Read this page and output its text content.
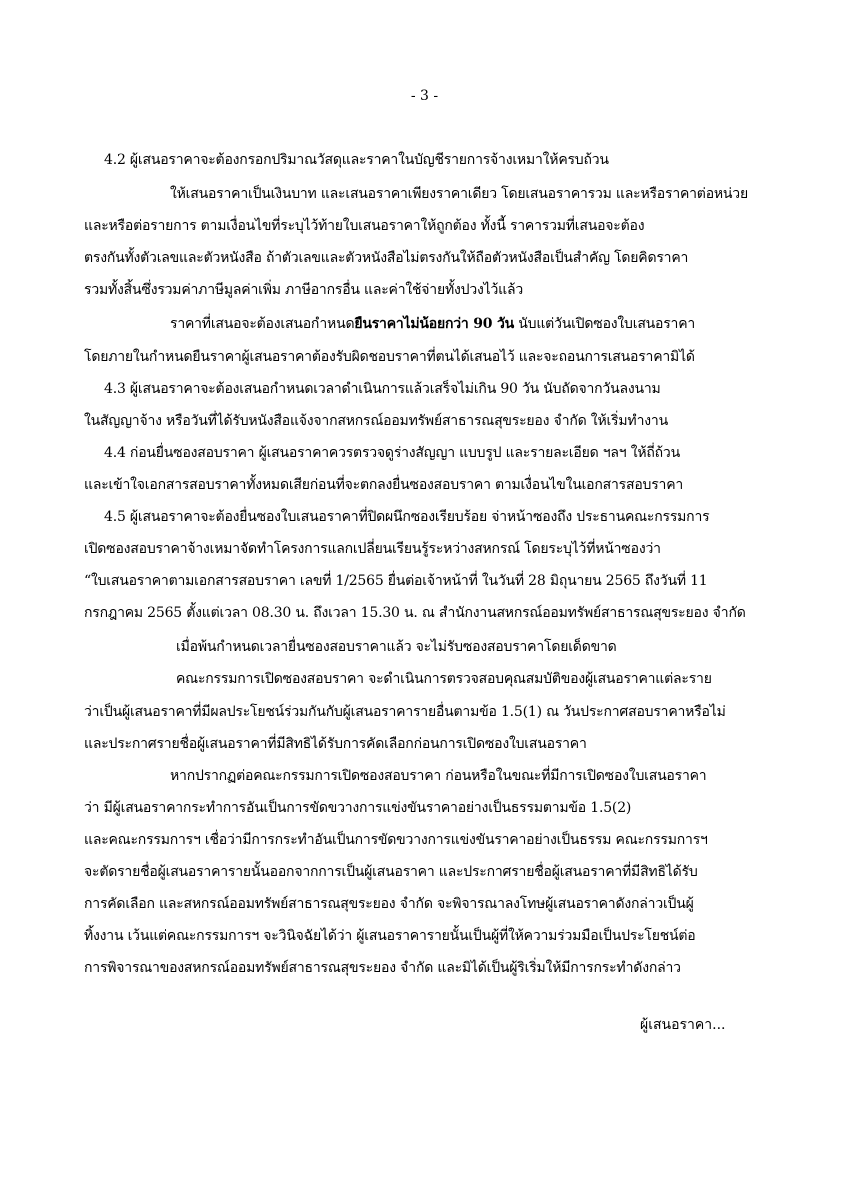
- 3 -
4.2 ผู้เสนอราคาจะต้องกรอกปริมาณวัสดุและราคาในบัญชีรายการจ้างเหมาให้ครบถ้วน
ให้เสนอราคาเป็นเงินบาท และเสนอราคาเพียงราคาเดียว โดยเสนอราคารวม และหรือราคาต่อหน่วย
และหรือต่อรายการ ตามเงื่อนไขที่ระบุไว้ท้ายใบเสนอราคาให้ถูกต้อง ทั้งนี้ ราคารวมที่เสนอจะต้อง
ตรงกันทั้งตัวเลขและตัวหนังสือ ถ้าตัวเลขและตัวหนังสือไม่ตรงกันให้ถือตัวหนังสือเป็นสำคัญ โดยคิดราคา
รวมทั้งสิ้นซึ่งรวมค่าภาษีมูลค่าเพิ่ม ภาษีอากรอื่น และค่าใช้จ่ายทั้งปวงไว้แล้ว
ราคาที่เสนอจะต้องเสนอกำหนดยืนราคาไม่น้อยกว่า 90 วัน นับแต่วันเปิดซองใบเสนอราคา
โดยภายในกำหนดยืนราคาผู้เสนอราคาต้องรับผิดชอบราคาที่ตนได้เสนอไว้ และจะถอนการเสนอราคามิได้
4.3 ผู้เสนอราคาจะต้องเสนอกำหนดเวลาดำเนินการแล้วเสร็จไม่เกิน 90 วัน นับถัดจากวันลงนาม
ในสัญญาจ้าง หรือวันที่ได้รับหนังสือแจ้งจากสหกรณ์ออมทรัพย์สาธารณสุขระยอง จำกัด ให้เริ่มทำงาน
4.4 ก่อนยื่นซองสอบราคา ผู้เสนอราคาควรตรวจดูร่างสัญญา แบบรูป และรายละเอียด ฯลฯ ให้ถี่ถ้วน
และเข้าใจเอกสารสอบราคาทั้งหมดเสียก่อนที่จะตกลงยื่นซองสอบราคา ตามเงื่อนไขในเอกสารสอบราคา
4.5 ผู้เสนอราคาจะต้องยื่นซองใบเสนอราคาที่ปิดผนึกซองเรียบร้อย จ่าหน้าซองถึง ประธานคณะกรรมการ
เปิดซองสอบราคาจ้างเหมาจัดทำโครงการแลกเปลี่ยนเรียนรู้ระหว่างสหกรณ์ โดยระบุไว้ที่หน้าซองว่า
“ใบเสนอราคาตามเอกสารสอบราคา เลขที่ 1/2565 ยื่นต่อเจ้าหน้าที่ ในวันที่ 28 มิถุนายน 2565 ถึงวันที่ 11
กรกฎาคม 2565 ตั้งแต่เวลา 08.30 น. ถึงเวลา 15.30 น. ณ สำนักงานสหกรณ์ออมทรัพย์สาธารณสุขระยอง จำกัด
เมื่อพ้นกำหนดเวลายื่นซองสอบราคาแล้ว จะไม่รับซองสอบราคาโดยเด็ดขาด
คณะกรรมการเปิดซองสอบราคา จะดำเนินการตรวจสอบคุณสมบัติของผู้เสนอราคาแต่ละราย
ว่าเป็นผู้เสนอราคาที่มีผลประโยชน์ร่วมกันกับผู้เสนอราคารายอื่นตามข้อ 1.5(1) ณ วันประกาศสอบราคาหรือไม่
และประกาศรายชื่อผู้เสนอราคาที่มีสิทธิได้รับการคัดเลือกก่อนการเปิดซองใบเสนอราคา
หากปรากฏต่อคณะกรรมการเปิดซองสอบราคา ก่อนหรือในขณะที่มีการเปิดซองใบเสนอราคา
ว่า มีผู้เสนอราคากระทำการอันเป็นการขัดขวางการแข่งขันราคาอย่างเป็นธรรมตามข้อ 1.5(2)
และคณะกรรมการฯ เชื่อว่ามีการกระทำอันเป็นการขัดขวางการแข่งขันราคาอย่างเป็นธรรม คณะกรรมการฯ
จะตัดรายชื่อผู้เสนอราคารายนั้นออกจากการเป็นผู้เสนอราคา และประกาศรายชื่อผู้เสนอราคาที่มีสิทธิได้รับ
การคัดเลือก และสหกรณ์ออมทรัพย์สาธารณสุขระยอง จำกัด จะพิจารณาลงโทษผู้เสนอราคาดังกล่าวเป็นผู้
ทิ้งงาน เว้นแต่คณะกรรมการฯ จะวินิจฉัยได้ว่า ผู้เสนอราคารายนั้นเป็นผู้ที่ให้ความร่วมมือเป็นประโยชน์ต่อ
การพิจารณาของสหกรณ์ออมทรัพย์สาธารณสุขระยอง จำกัด และมิได้เป็นผู้ริเริ่มให้มีการกระทำดังกล่าว
ผู้เสนอราคา...
